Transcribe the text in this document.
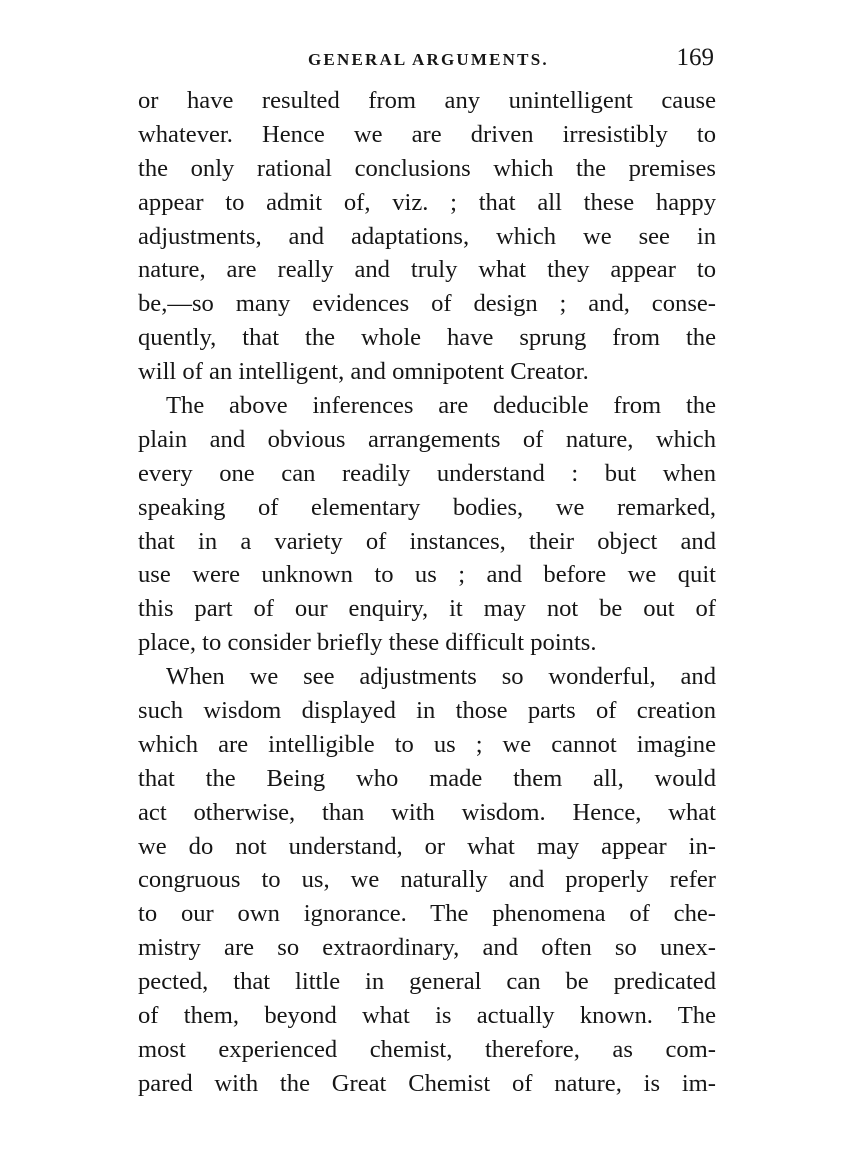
GENERAL ARGUMENTS.	169
or have resulted from any unintelligent cause
whatever. Hence we are driven irresistibly to
the only rational conclusions which the premises
appear to admit of, viz. ; that all these happy
adjustments, and adaptations, which we see in
nature, are really and truly what they appear to
be,—so many evidences of design ; and, conse-
quently, that the whole have sprung from the
will of an intelligent, and omnipotent Creator.
The above inferences are deducible from the
plain and obvious arrangements of nature, which
every one can readily understand : but when
speaking of elementary bodies, we remarked,
that in a variety of instances, their object and
use were unknown to us ; and before we quit
this part of our enquiry, it may not be out of
place, to consider briefly these difficult points.
When we see adjustments so wonderful, and
such wisdom displayed in those parts of creation
which are intelligible to us ; we cannot imagine
that the Being who made them all, would
act otherwise, than with wisdom. Hence, what
we do not understand, or what may appear in-
congruous to us, we naturally and properly refer
to our own ignorance. The phenomena of che-
mistry are so extraordinary, and often so unex-
pected, that little in general can be predicated
of them, beyond what is actually known. The
most experienced chemist, therefore, as com-
pared with the Great Chemist of nature, is im-
